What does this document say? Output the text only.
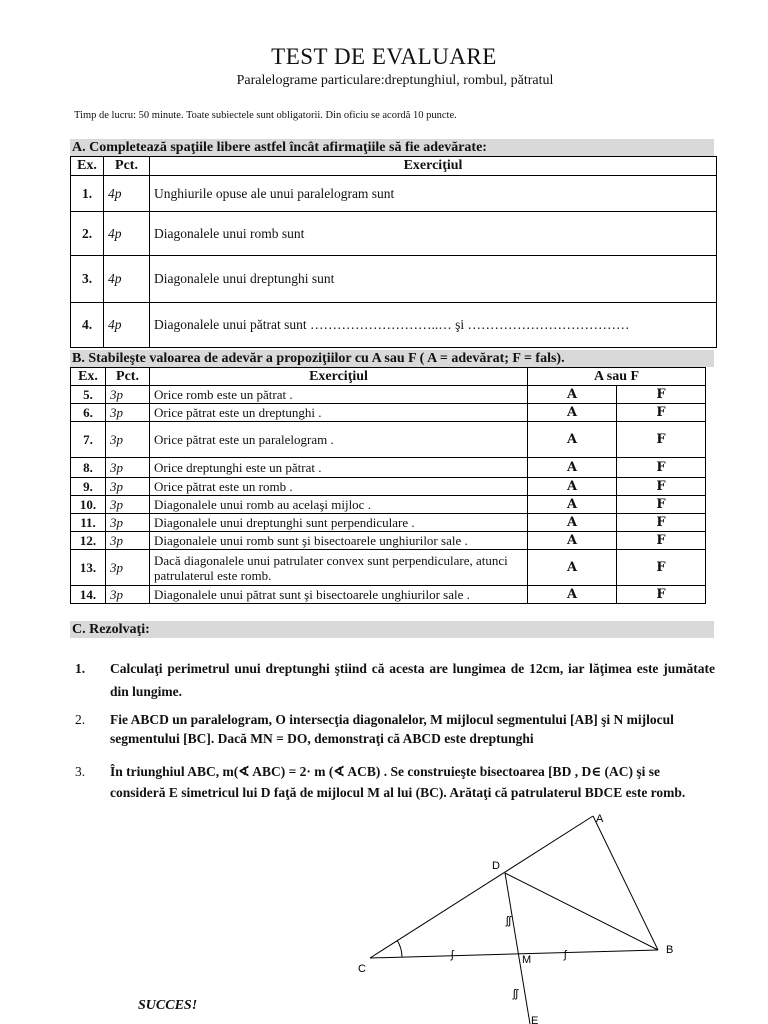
TEST DE EVALUARE
Paralelograme particulare:dreptunghiul, rombul, pătratul
Timp de lucru: 50 minute. Toate subiectele sunt obligatorii. Din oficiu se acordă 10 puncte.
A. Completează spaţiile libere astfel încât afirmaţiile să fie adevărate:
Ex.	Pct.	Exerciţiul
1.	4p	Unghiurile opuse ale unui paralelogram sunt
2.	4p	Diagonalele unui romb sunt
3.	4p	Diagonalele unui dreptunghi sunt
4.	4p	Diagonalele unui pătrat sunt ………………………..… şi ………………………………
B. Stabileşte valoarea de adevăr a propoziţiilor cu A sau F ( A = adevărat; F = fals).
Ex.	Pct.	Exerciţiul	A sau F	
5.	3p	Orice romb este un pătrat .	A	F
6.	3p	Orice pătrat este un dreptunghi .	A	F
7.	3p	Orice pătrat este un paralelogram .	A	F
8.	3p	Orice dreptunghi este un pătrat .	A	F
9.	3p	Orice pătrat este un romb .	A	F
10.	3p	Diagonalele unui romb au acelaşi mijloc .	A	F
11.	3p	Diagonalele unui dreptunghi sunt perpendiculare .	A	F
12.	3p	Diagonalele unui romb sunt şi bisectoarele unghiurilor sale .	A	F
13.	3p	Dacă diagonalele unui patrulater convex sunt perpendiculare, atunci patrulaterul este romb.	A	F
14.	3p	Diagonalele unui pătrat sunt şi bisectoarele unghiurilor sale .	A	F
C. Rezolvaţi:
1. Calculaţi perimetrul unui dreptunghi ştiind că acesta are lungimea de 12cm, iar lăţimea este jumătate din lungime.
2. Fie ABCD un paralelogram, O intersecţia diagonalelor, M mijlocul segmentului [AB] şi N mijlocul segmentului [BC]. Dacă MN = DO, demonstraţi că ABCD este dreptunghi
3. În triunghiul ABC, m(∢ ABC) = 2· m (∢ ACB) . Se construieşte bisectoarea [BD , D∈ (AC) şi se consideră E simetricul lui D faţă de mijlocul M al lui (BC). Arătaţi că patrulaterul BDCE este romb.
ʃ	ʃ
ʃʃ
ʃʃ
A
B
C
D
M
E
SUCCES!
